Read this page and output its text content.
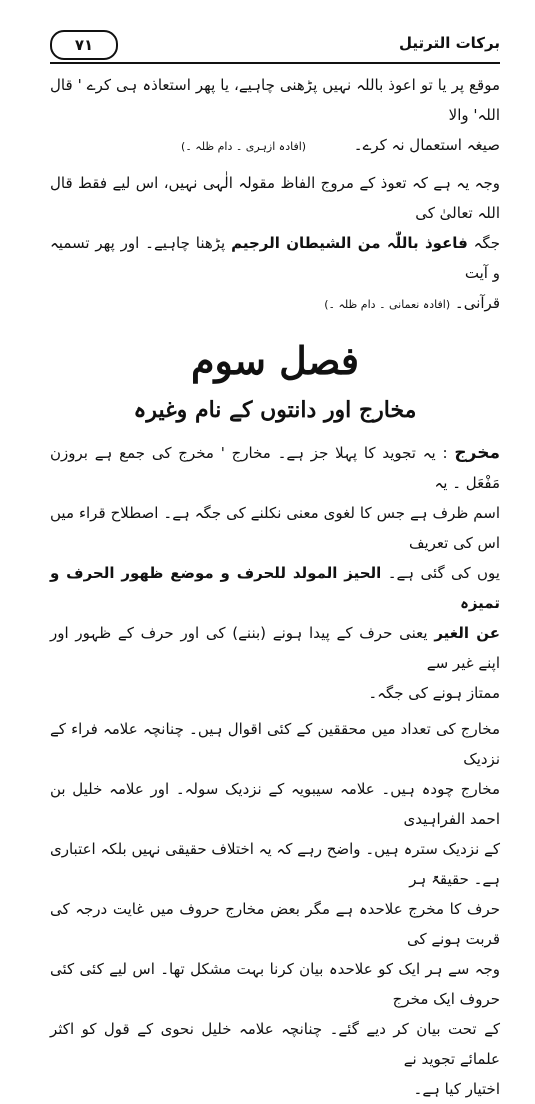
بركات الترتيل
٧١

موقع پر یا تو اعوذ باللہ نہیں پڑھنی چاہیے، یا پھر استعاذہ ہی کرے ' قال اللہ' والا
صیغہ استعمال نہ کرے۔          (افادہ ازہری ۔ دام ظلہ ۔)

وجہ یہ ہے کہ تعوذ کے مروج الفاظ مقولہ الٰہی نہیں، اس لیے فقط قال اللہ تعالیٰ کی
جگہ فاعوذ باللّٰہ من الشیطان الرجیم پڑھنا چاہیے۔ اور پھر تسمیہ و آیت
قرآنی۔ (افادہ نعمانی ۔ دام ظلہ ۔)

فصل سوم
مخارج اور دانتوں کے نام وغیرہ

مخرج : یہ تجوید کا پہلا جز ہے۔ مخارج ' مخرج کی جمع ہے بروزن مَفْعَل ۔ یہ
اسم ظرف ہے جس کا لغوی معنی نکلنے کی جگہ ہے۔ اصطلاح قراء میں اس کی تعریف
یوں کی گئی ہے۔ الحیز المولد للحرف و موضع ظهور الحرف و تمیزہ
عن الغیر یعنی حرف کے پیدا ہونے (بننے) کی اور حرف کے ظہور اور اپنے غیر سے
ممتاز ہونے کی جگہ۔

مخارج کی تعداد میں محققین کے کئی اقوال ہیں۔ چنانچہ علامہ فراء کے نزدیک
مخارج چودہ ہیں۔ علامہ سیبویہ کے نزدیک سولہ۔ اور علامہ خلیل بن احمد الفراہیدی
کے نزدیک سترہ ہیں۔ واضح رہے کہ یہ اختلاف حقیقی نہیں بلکہ اعتباری ہے۔ حقیقۃً ہر
حرف کا مخرج علاحدہ ہے مگر بعض مخارج حروف میں غایت درجہ کی قربت ہونے کی
وجہ سے ہر ایک کو علاحدہ بیان کرنا بہت مشکل تھا۔ اس لیے کئی کئی حروف ایک مخرج
کے تحت بیان کر دیے گئے۔ چنانچہ علامہ خلیل نحوی کے قول کو اکثر علمائے تجوید نے
اختیار کیا ہے۔
